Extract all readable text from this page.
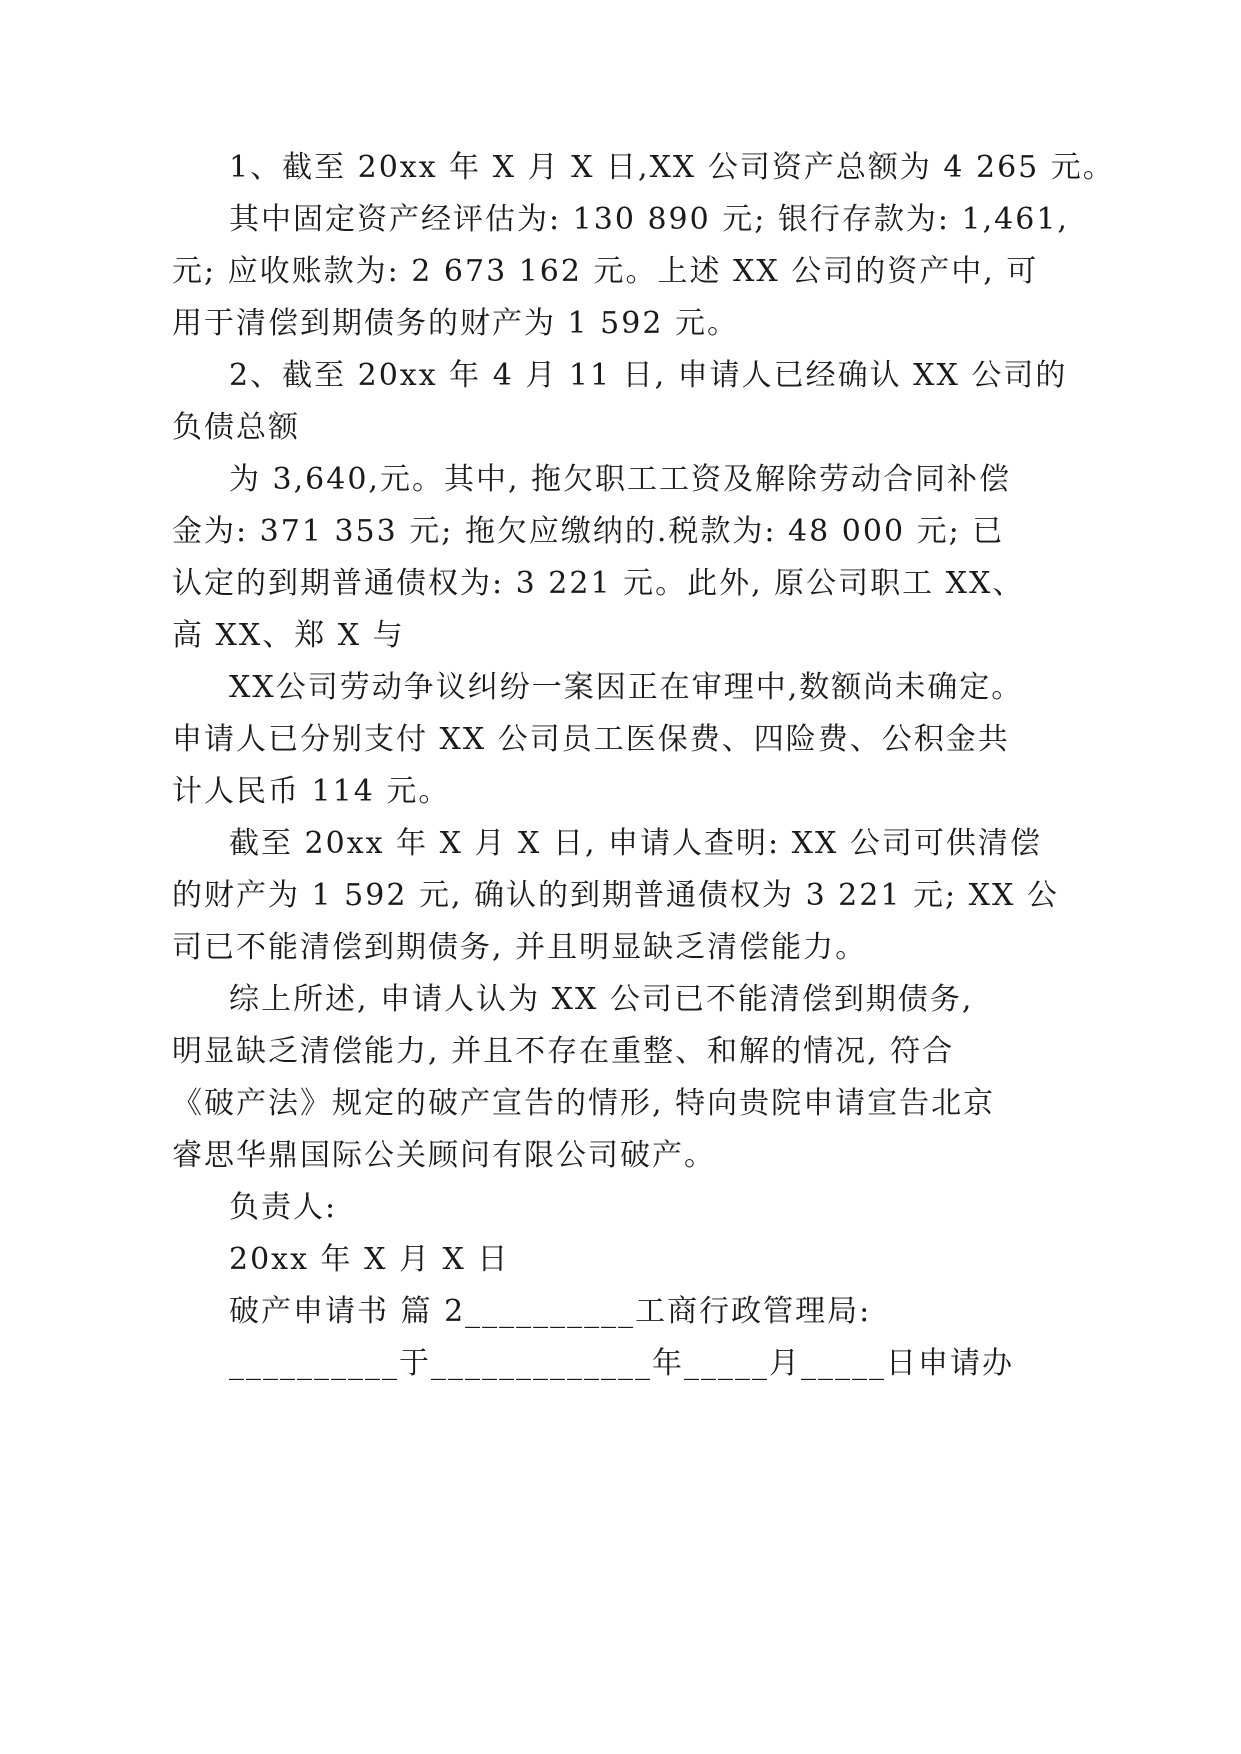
1、截至 20xx 年 X 月 X 日,XX 公司资产总额为 4 265 元。
其中固定资产经评估为: 130 890 元; 银行存款为: 1,461,
元; 应收账款为: 2 673 162 元。上述 XX 公司的资产中, 可
用于清偿到期债务的财产为 1 592 元。
2、截至 20xx 年 4 月 11 日, 申请人已经确认 XX 公司的
负债总额
为 3,640,元。其中, 拖欠职工工资及解除劳动合同补偿
金为: 371 353 元; 拖欠应缴纳的.税款为: 48 000 元; 已
认定的到期普通债权为: 3 221 元。此外, 原公司职工 XX、
高 XX、郑 X 与
XX公司劳动争议纠纷一案因正在审理中,数额尚未确定。
申请人已分别支付 XX 公司员工医保费、四险费、公积金共
计人民币 114 元。
截至 20xx 年 X 月 X 日, 申请人查明: XX 公司可供清偿
的财产为 1 592 元, 确认的到期普通债权为 3 221 元; XX 公
司已不能清偿到期债务, 并且明显缺乏清偿能力。
综上所述, 申请人认为 XX 公司已不能清偿到期债务,
明显缺乏清偿能力, 并且不存在重整、和解的情况, 符合
《破产法》规定的破产宣告的情形, 特向贵院申请宣告北京
睿思华鼎国际公关顾问有限公司破产。
负责人:
20xx 年 X 月 X 日
破产申请书 篇 2__________工商行政管理局:
__________于_____________年_____月_____日申请办
